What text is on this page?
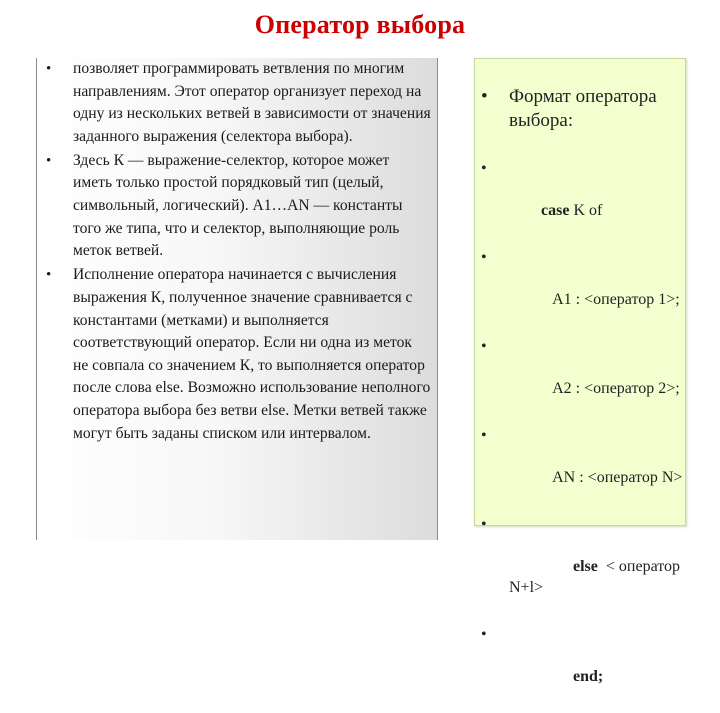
Оператор выбора
• позволяет программировать ветвления по многим направлениям. Этот оператор организует переход на одну из нескольких ветвей в зависимости от значения заданного выражения (селектора выбора).
• Здесь К — выражение-селектор, которое может иметь только простой порядковый тип (целый, символьный, логический). A1…AN — константы того же типа, что и селектор, выполняющие роль меток ветвей.
• Исполнение оператора начинается с вычисления выражения К, полученное значение сравнивается с константами (метками) и выполняется соответствующий оператор. Если ни одна из меток не совпала со значением К, то выполняется оператор после слова else. Возможно использование неполного оператора выбора без ветви else. Метки ветвей также могут быть заданы списком или интервалом.
• Формат оператора выбора:

•

case K of

•

A1 : <оператор 1>;

•

A2 : <оператор 2>;

•

AN : <оператор N>

•

else  < оператор N+l>

•

end;
